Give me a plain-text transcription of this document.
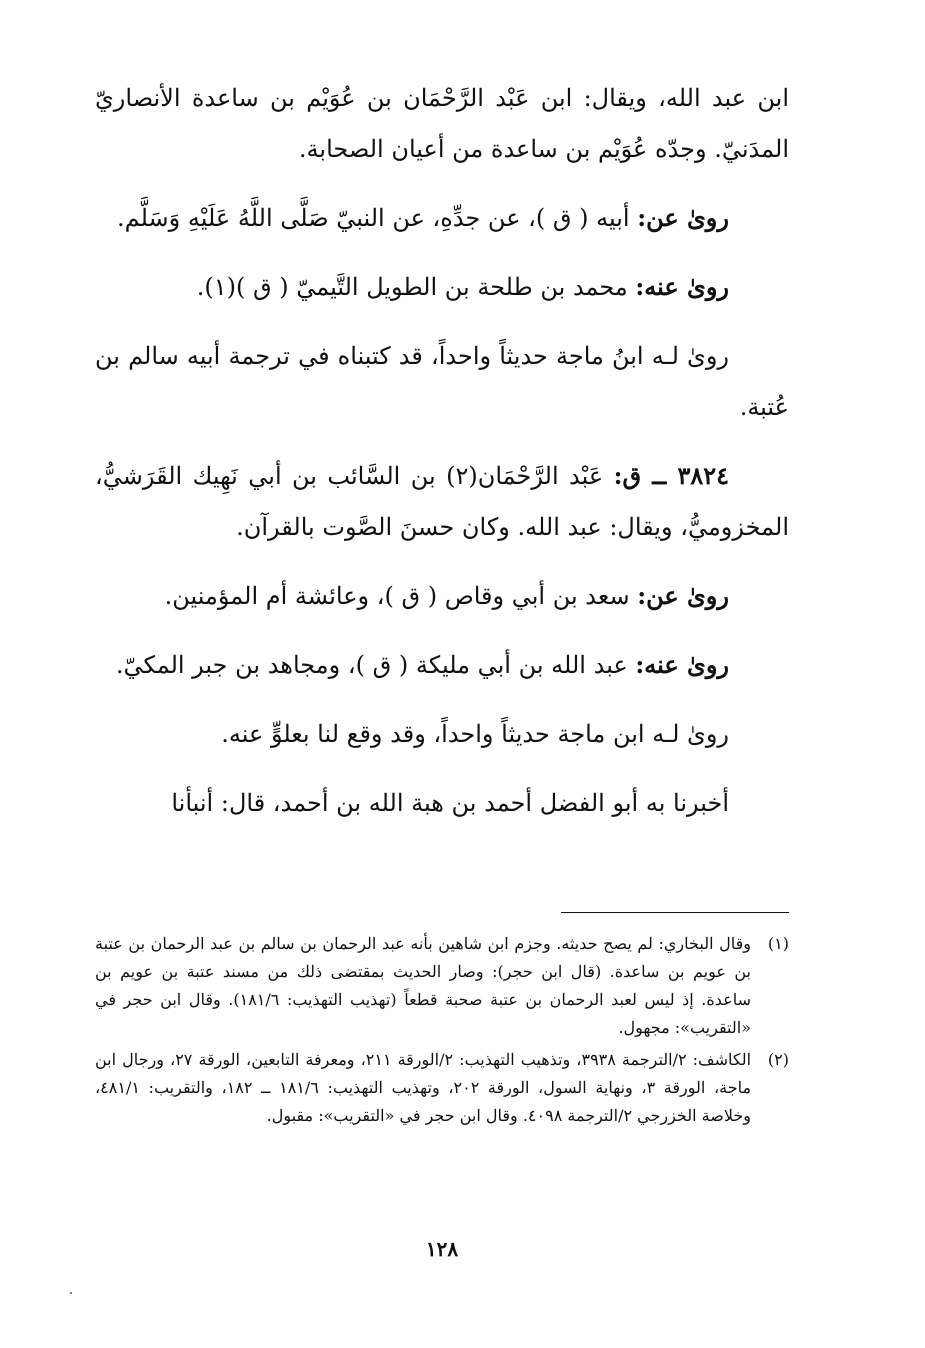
ابن عبد الله، ويقال: ابن عَبْد الرَّحْمَان بن عُوَيْم بن ساعدة الأنصاريّ المدَنيّ. وجدّه عُوَيْم بن ساعدة من أعيان الصحابة.

روىٰ عن: أبيه ( ق )، عن جدِّهِ، عن النبيّ صَلَّى اللَّهُ عَلَيْهِ وَسَلَّم.

روىٰ عنه: محمد بن طلحة بن الطويل التَّيميّ ( ق )(١).

روىٰ لـه ابنُ ماجة حديثاً واحداً، قد كتبناه في ترجمة أبيه سالم بن عُتبة.

٣٨٢٤ ــ ق: عَبْد الرَّحْمَان(٢) بن السَّائب بن أبي نَهِيك القَرَشيُّ، المخزوميُّ، ويقال: عبد الله. وكان حسنَ الصَّوت بالقرآن.

روىٰ عن: سعد بن أبي وقاص ( ق )، وعائشة أم المؤمنين.

روىٰ عنه: عبد الله بن أبي مليكة ( ق )، ومجاهد بن جبر المكيّ.

روىٰ لـه ابن ماجة حديثاً واحداً، وقد وقع لنا بعلوٍّ عنه.

أخبرنا به أبو الفضل أحمد بن هبة الله بن أحمد، قال: أنبأنا

(١)
وقال البخاري: لم يصح حديثه. وجزم ابن شاهين بأنه عبد الرحمان بن سالم بن عبد الرحمان بن عتبة بن عويم بن ساعدة. (قال ابن حجر): وصار الحديث بمقتضى ذلك من مسند عتبة بن عويم بن ساعدة. إذ ليس لعبد الرحمان بن عتبة صحبة قطعاً (تهذيب التهذيب: ١٨١/٦). وقال ابن حجر في «التقريب»: مجهول.
(٢)
الكاشف: ٢/الترجمة ٣٩٣٨، وتذهيب التهذيب: ٢/الورقة ٢١١، ومعرفة التابعين، الورقة ٢٧، ورجال ابن ماجة، الورقة ٣، ونهاية السول، الورقة ٢٠٢، وتهذيب التهذيب: ١٨١/٦ ــ ١٨٢، والتقريب: ٤٨١/١، وخلاصة الخزرجي ٢/الترجمة ٤٠٩٨. وقال ابن حجر في «التقريب»: مقبول.
١٢٨
